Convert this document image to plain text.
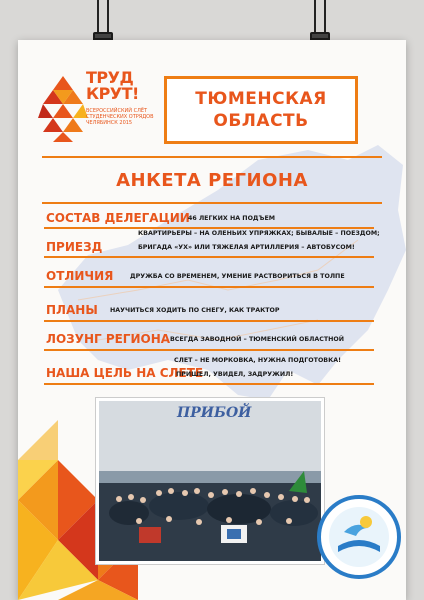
ТРУД
КРУТ!
ВСЕРОССИЙСКИЙ СЛЁТ СТУДЕНЧЕСКИХ ОТРЯДОВ ЧЕЛЯБИНСК 2015
ТЮМЕНСКАЯ
ОБЛАСТЬ
АНКЕТА РЕГИОНА
СОСТАВ ДЕЛЕГАЦИИ
46 ЛЕГКИХ НА ПОДЪЕМ
КВАРТИРЬЕРЫ – НА ОЛЕНЬИХ УПРЯЖКАХ; БЫВАЛЫЕ – ПОЕЗДОМ;
ПРИЕЗД	БРИГАДА «УХ» ИЛИ ТЯЖЕЛАЯ АРТИЛЛЕРИЯ – АВТОБУСОМ!
ОТЛИЧИЯ	ДРУЖБА СО ВРЕМЕНЕМ, УМЕНИЕ РАСТВОРИТЬСЯ В ТОЛПЕ
ПЛАНЫ НАУЧИТЬСЯ ХОДИТЬ ПО СНЕГУ, КАК ТРАКТОР
ЛОЗУНГ РЕГИОНА ВСЕГДА ЗАВОДНОЙ – ТЮМЕНСКИЙ ОБЛАСТНОЙ
СЛЕТ – НЕ МОРКОВКА, НУЖНА ПОДГОТОВКА!
НАША ЦЕЛЬ НА СЛЕТЕ
ПРИШЕЛ, УВИДЕЛ, ЗАДРУЖИЛ!
ПРИБОЙ
